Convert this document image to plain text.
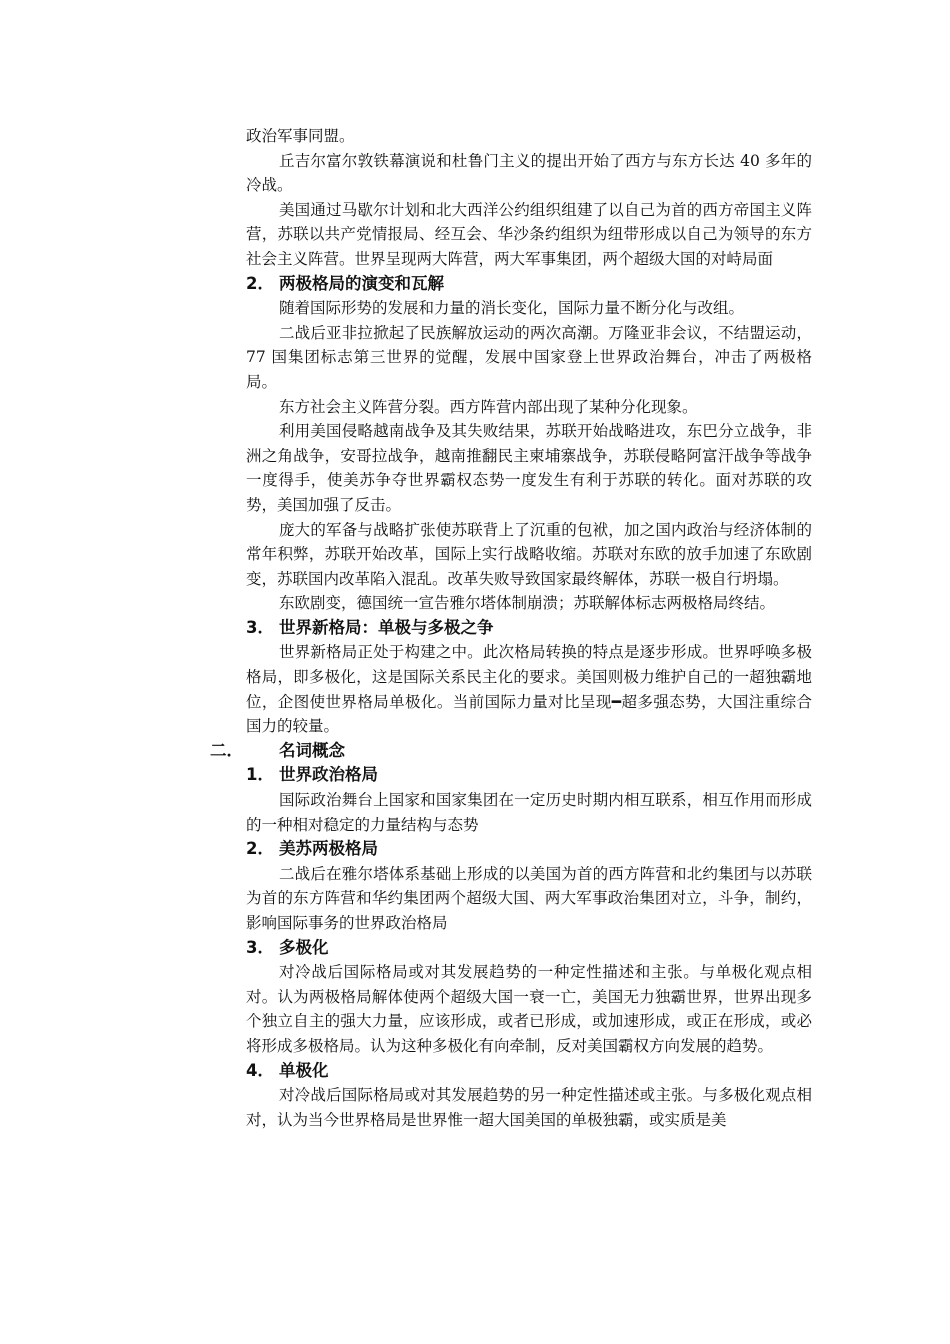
政治军事同盟。

丘吉尔富尔敦铁幕演说和杜鲁门主义的提出开始了西方与东方长达 40 多年的冷战。

美国通过马歇尔计划和北大西洋公约组织组建了以自己为首的西方帝国主义阵营，苏联以共产党情报局、经互会、华沙条约组织为纽带形成以自己为领导的东方社会主义阵营。世界呈现两大阵营，两大军事集团，两个超级大国的对峙局面

2． 两极格局的演变和瓦解

随着国际形势的发展和力量的消长变化，国际力量不断分化与改组。

二战后亚非拉掀起了民族解放运动的两次高潮。万隆亚非会议，不结盟运动，77 国集团标志第三世界的觉醒，发展中国家登上世界政治舞台，冲击了两极格局。

东方社会主义阵营分裂。西方阵营内部出现了某种分化现象。

利用美国侵略越南战争及其失败结果，苏联开始战略进攻，东巴分立战争，非洲之角战争，安哥拉战争，越南推翻民主柬埔寨战争，苏联侵略阿富汗战争等战争一度得手，使美苏争夺世界霸权态势一度发生有利于苏联的转化。面对苏联的攻势，美国加强了反击。

庞大的军备与战略扩张使苏联背上了沉重的包袱，加之国内政治与经济体制的常年积弊，苏联开始改革，国际上实行战略收缩。苏联对东欧的放手加速了东欧剧变，苏联国内改革陷入混乱。改革失败导致国家最终解体，苏联一极自行坍塌。

东欧剧变，德国统一宣告雅尔塔体制崩溃；苏联解体标志两极格局终结。

3． 世界新格局：单极与多极之争

世界新格局正处于构建之中。此次格局转换的特点是逐步形成。世界呼唤多极格局，即多极化，这是国际关系民主化的要求。美国则极力维护自己的一超独霸地位，企图使世界格局单极化。当前国际力量对比呈现━超多强态势，大国注重综合国力的较量。

二． 名词概念
1． 世界政治格局

国际政治舞台上国家和国家集团在一定历史时期内相互联系，相互作用而形成的一种相对稳定的力量结构与态势

2． 美苏两极格局

二战后在雅尔塔体系基础上形成的以美国为首的西方阵营和北约集团与以苏联为首的东方阵营和华约集团两个超级大国、两大军事政治集团对立，斗争，制约，影响国际事务的世界政治格局

3． 多极化

对冷战后国际格局或对其发展趋势的一种定性描述和主张。与单极化观点相对。认为两极格局解体使两个超级大国一衰一亡，美国无力独霸世界，世界出现多个独立自主的强大力量，应该形成，或者已形成，或加速形成，或正在形成，或必将形成多极格局。认为这种多极化有向牵制，反对美国霸权方向发展的趋势。

4． 单极化

对冷战后国际格局或对其发展趋势的另一种定性描述或主张。与多极化观点相对，认为当今世界格局是世界惟一超大国美国的单极独霸，或实质是美
